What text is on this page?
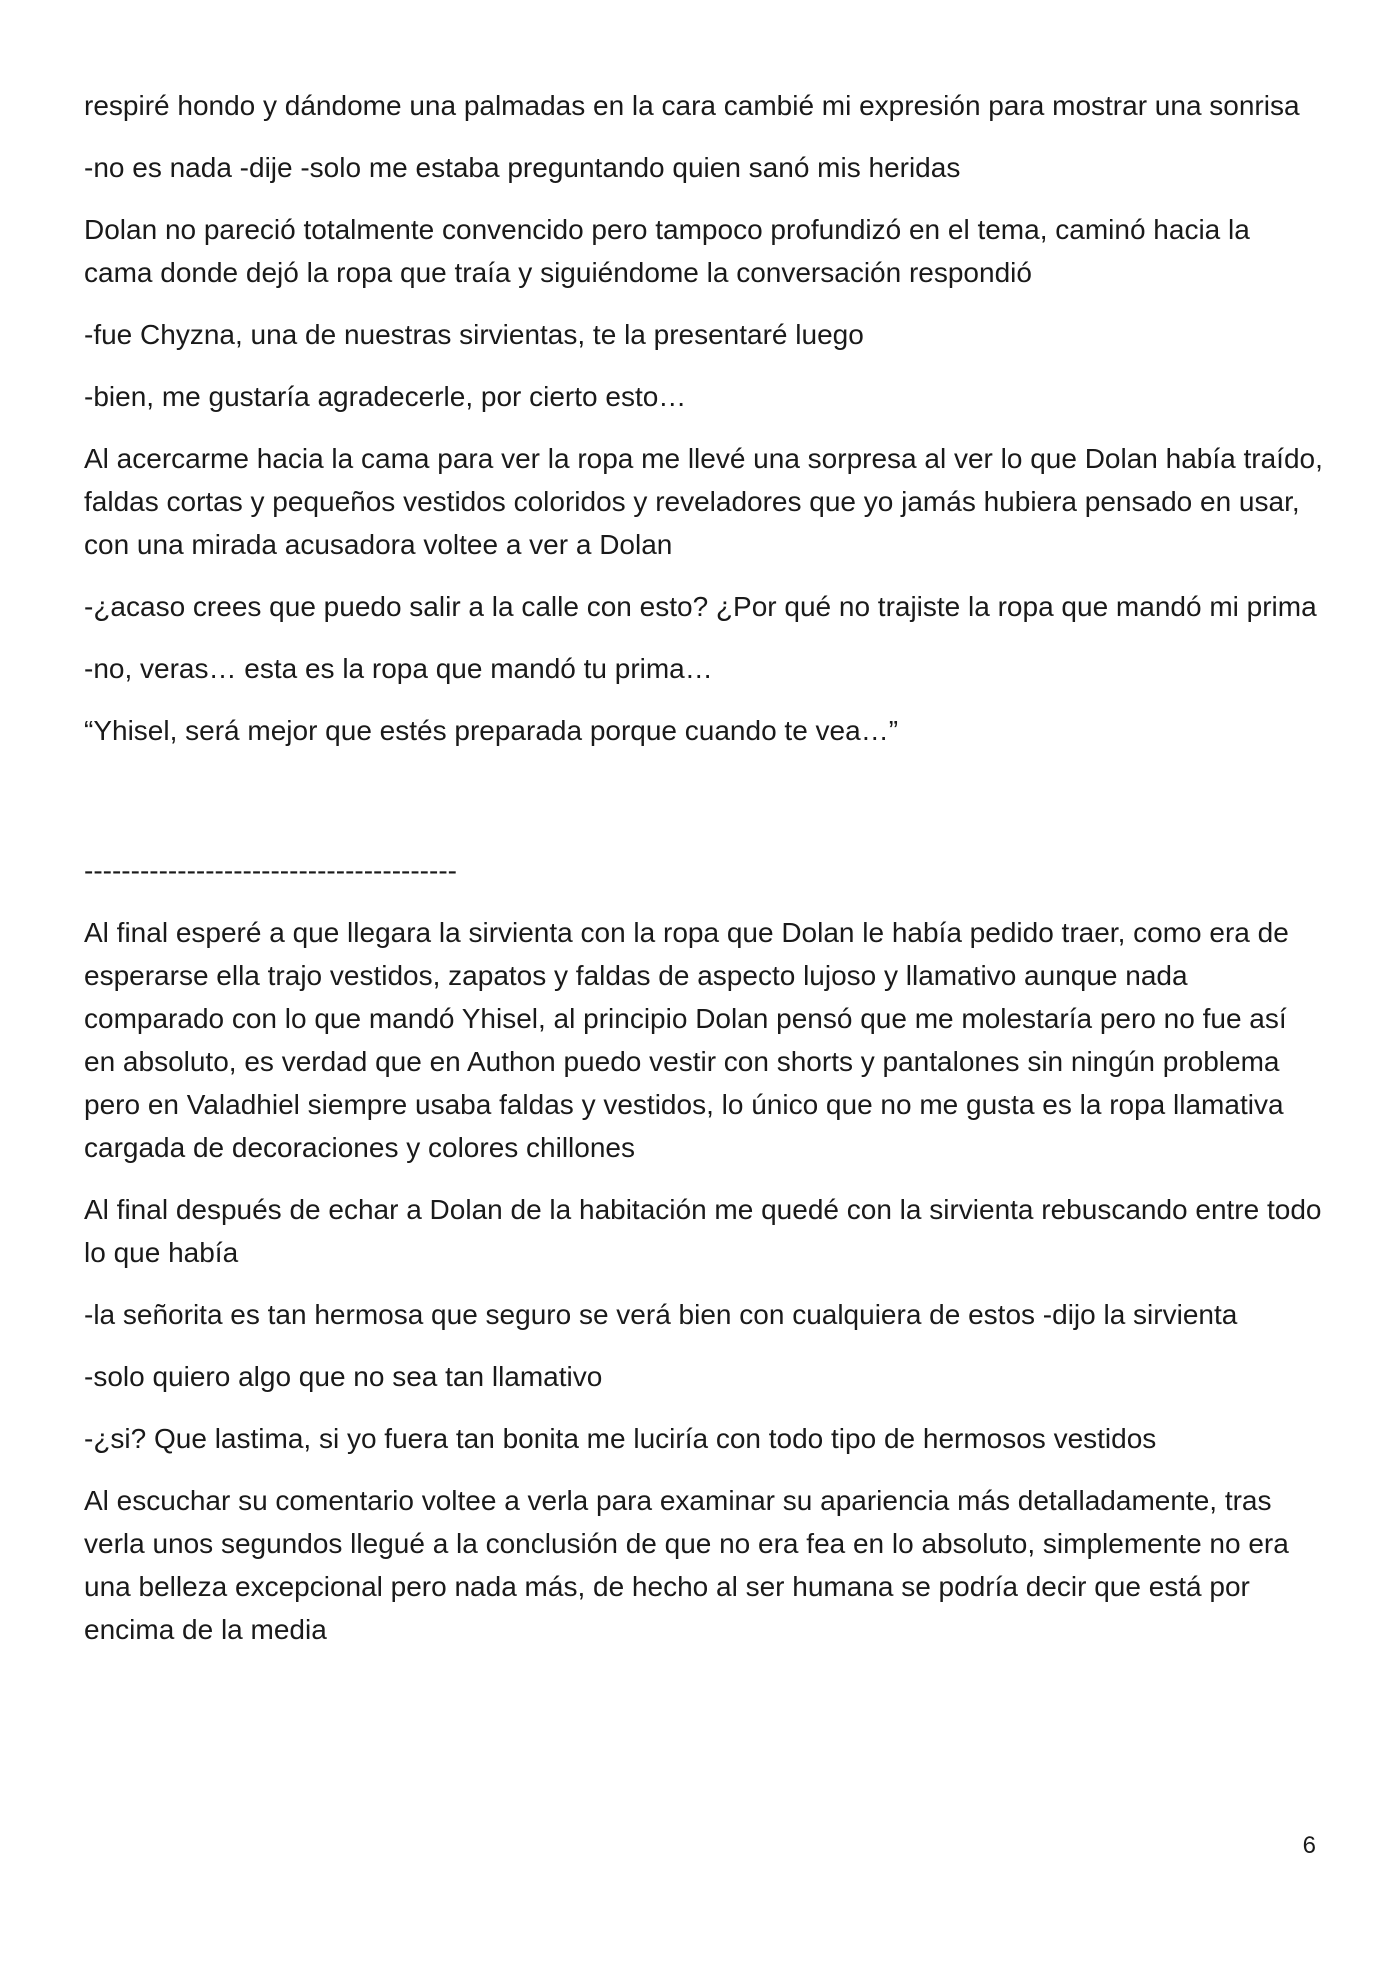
respiré hondo y dándome una palmadas en la cara cambié mi expresión para mostrar una sonrisa

-no es nada -dije -solo me estaba preguntando quien sanó mis heridas

Dolan no pareció totalmente convencido pero tampoco profundizó en el tema, caminó hacia la cama donde dejó la ropa que traía y siguiéndome la conversación respondió

-fue Chyzna, una de nuestras sirvientas, te la presentaré luego

-bien, me gustaría agradecerle, por cierto esto…

Al acercarme hacia la cama para ver la ropa me llevé una sorpresa al ver lo que Dolan había traído, faldas cortas y pequeños vestidos coloridos y reveladores que yo jamás hubiera pensado en usar, con una mirada acusadora voltee a ver a Dolan

-¿acaso crees que puedo salir a la calle con esto? ¿Por qué no trajiste la ropa que mandó mi prima

-no, veras… esta es la ropa que mandó tu prima…

“Yhisel, será mejor que estés preparada porque cuando te vea…”

----------------------------------------

Al final esperé a que llegara la sirvienta con la ropa que Dolan le había pedido traer, como era de esperarse ella trajo vestidos, zapatos y faldas de aspecto lujoso y llamativo aunque nada comparado con lo que mandó Yhisel, al principio Dolan pensó que me molestaría pero no fue así en absoluto, es verdad que en Authon puedo vestir con shorts y pantalones sin ningún problema pero en Valadhiel siempre usaba faldas y vestidos, lo único que no me gusta es la ropa llamativa cargada de decoraciones y colores chillones

Al final después de echar a Dolan de la habitación me quedé con la sirvienta rebuscando entre todo lo que había

-la señorita es tan hermosa que seguro se verá bien con cualquiera de estos -dijo la sirvienta

-solo quiero algo que no sea tan llamativo

-¿si? Que lastima, si yo fuera tan bonita me luciría con todo tipo de hermosos vestidos

Al escuchar su comentario voltee a verla para examinar su apariencia más detalladamente, tras verla unos segundos llegué a la conclusión de que no era fea en lo absoluto, simplemente no era una belleza excepcional pero nada más, de hecho al ser humana se podría decir que está por encima de la media

6
